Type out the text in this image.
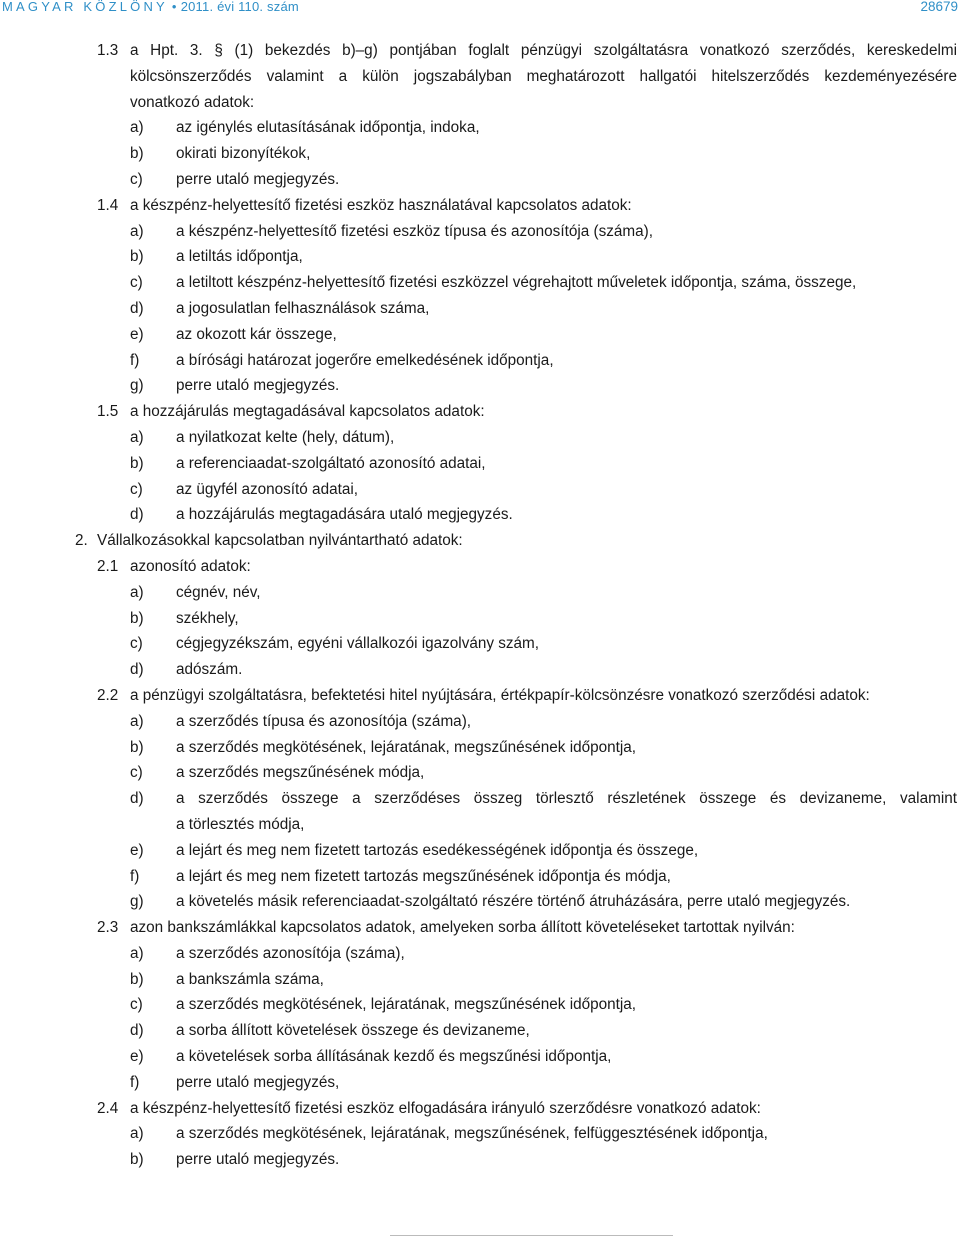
MAGYAR KÖZLÖNY • 2011. évi 110. szám	28679
1.3 a Hpt. 3. § (1) bekezdés b)–g) pontjában foglalt pénzügyi szolgáltatásra vonatkozó szerződés, kereskedelmi
kölcsönszerződés valamint a külön jogszabályban meghatározott hallgatói hitelszerződés kezdeményezésére
vonatkozó adatok:
a) az igénylés elutasításának időpontja, indoka,
b) okirati bizonyítékok,
c) perre utaló megjegyzés.
1.4 a készpénz-helyettesítő fizetési eszköz használatával kapcsolatos adatok:
a) a készpénz-helyettesítő fizetési eszköz típusa és azonosítója (száma),
b) a letiltás időpontja,
c) a letiltott készpénz-helyettesítő fizetési eszközzel végrehajtott műveletek időpontja, száma, összege,
d) a jogosulatlan felhasználások száma,
e) az okozott kár összege,
f) a bírósági határozat jogerőre emelkedésének időpontja,
g) perre utaló megjegyzés.
1.5 a hozzájárulás megtagadásával kapcsolatos adatok:
a) a nyilatkozat kelte (hely, dátum),
b) a referenciaadat-szolgáltató azonosító adatai,
c) az ügyfél azonosító adatai,
d) a hozzájárulás megtagadására utaló megjegyzés.
2. Vállalkozásokkal kapcsolatban nyilvántartható adatok:
2.1 azonosító adatok:
a) cégnév, név,
b) székhely,
c) cégjegyzékszám, egyéni vállalkozói igazolvány szám,
d) adószám.
2.2 a pénzügyi szolgáltatásra, befektetési hitel nyújtására, értékpapír-kölcsönzésre vonatkozó szerződési adatok:
a) a szerződés típusa és azonosítója (száma),
b) a szerződés megkötésének, lejáratának, megszűnésének időpontja,
c) a szerződés megszűnésének módja,
d) a szerződés összege a szerződéses összeg törlesztő részletének összege és devizaneme, valamint
a törlesztés módja,
e) a lejárt és meg nem fizetett tartozás esedékességének időpontja és összege,
f) a lejárt és meg nem fizetett tartozás megszűnésének időpontja és módja,
g) a követelés másik referenciaadat-szolgáltató részére történő átruházására, perre utaló megjegyzés.
2.3 azon bankszámlákkal kapcsolatos adatok, amelyeken sorba állított követeléseket tartottak nyilván:
a) a szerződés azonosítója (száma),
b) a bankszámla száma,
c) a szerződés megkötésének, lejáratának, megszűnésének időpontja,
d) a sorba állított követelések összege és devizaneme,
e) a követelések sorba állításának kezdő és megszűnési időpontja,
f) perre utaló megjegyzés,
2.4 a készpénz-helyettesítő fizetési eszköz elfogadására irányuló szerződésre vonatkozó adatok:
a) a szerződés megkötésének, lejáratának, megszűnésének, felfüggesztésének időpontja,
b) perre utaló megjegyzés.
